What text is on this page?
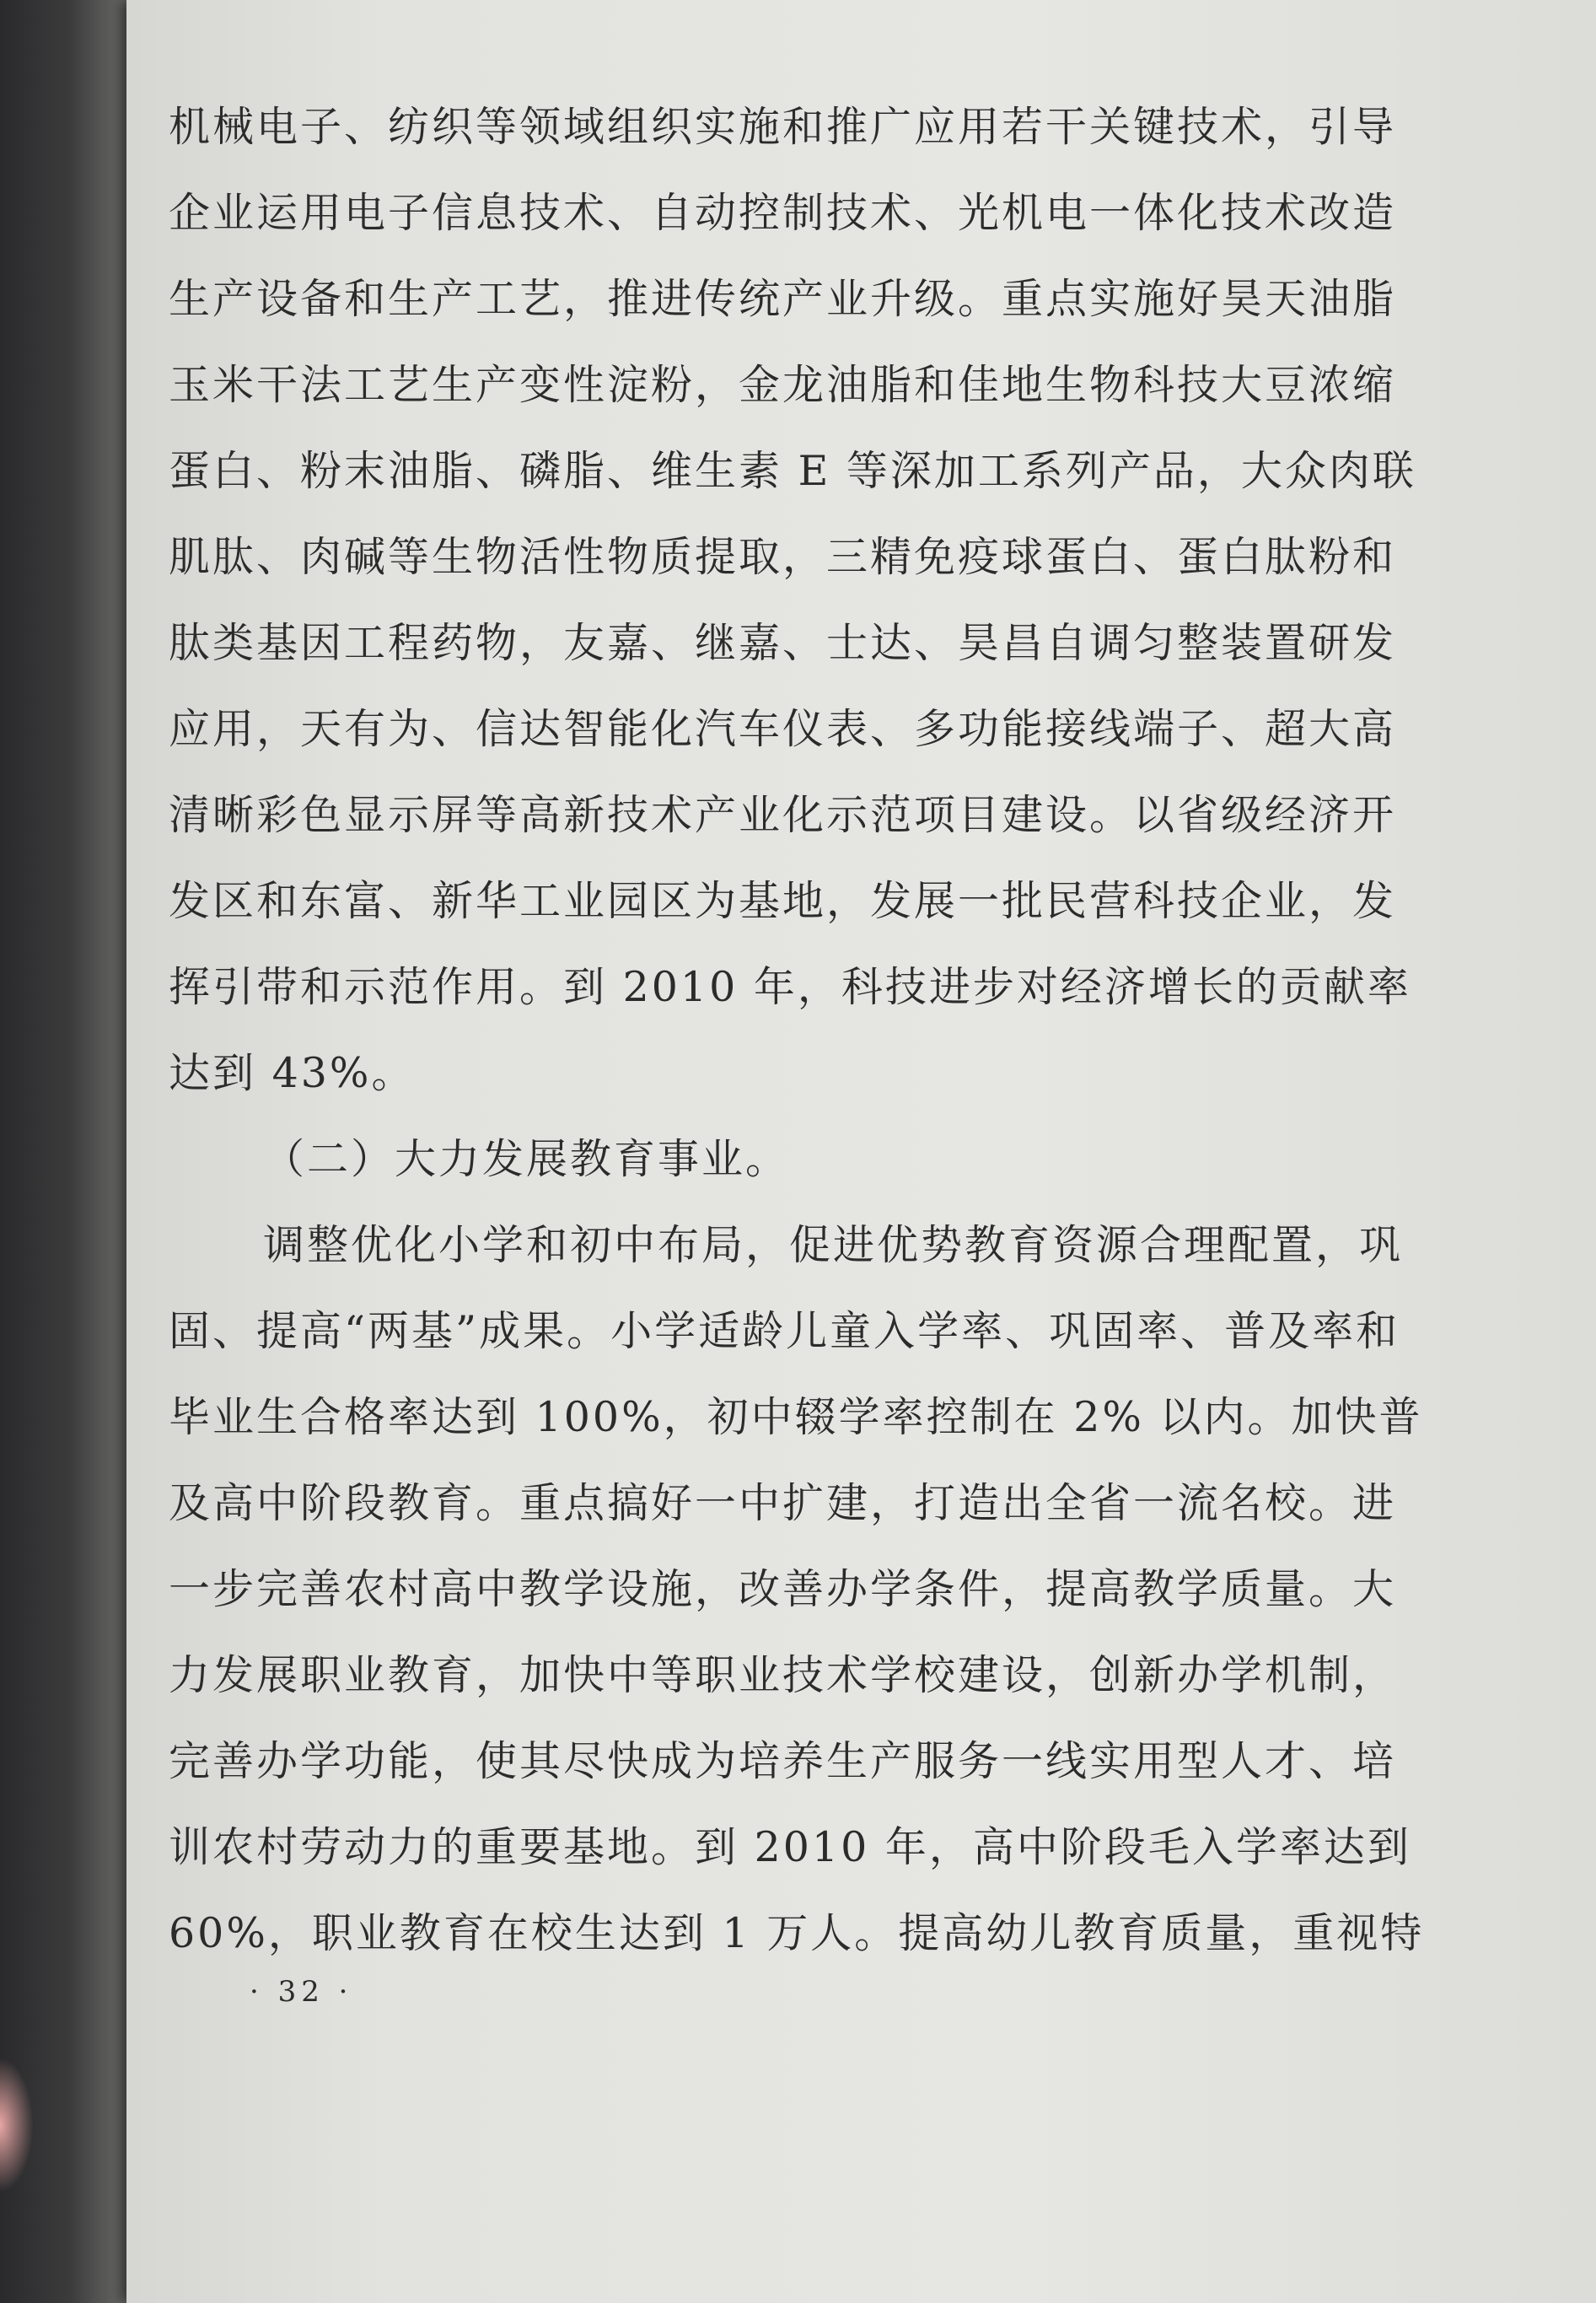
机械电子、纺织等领域组织实施和推广应用若干关键技术，引导
企业运用电子信息技术、自动控制技术、光机电一体化技术改造
生产设备和生产工艺，推进传统产业升级。重点实施好昊天油脂
玉米干法工艺生产变性淀粉，金龙油脂和佳地生物科技大豆浓缩
蛋白、粉末油脂、磷脂、维生素 E 等深加工系列产品，大众肉联
肌肽、肉碱等生物活性物质提取，三精免疫球蛋白、蛋白肽粉和
肽类基因工程药物，友嘉、继嘉、士达、昊昌自调匀整装置研发
应用，天有为、信达智能化汽车仪表、多功能接线端子、超大高
清晰彩色显示屏等高新技术产业化示范项目建设。以省级经济开
发区和东富、新华工业园区为基地，发展一批民营科技企业，发
挥引带和示范作用。到 2010 年，科技进步对经济增长的贡献率
达到 43%。
（二）大力发展教育事业。
调整优化小学和初中布局，促进优势教育资源合理配置，巩
固、提高“两基”成果。小学适龄儿童入学率、巩固率、普及率和
毕业生合格率达到 100%，初中辍学率控制在 2% 以内。加快普
及高中阶段教育。重点搞好一中扩建，打造出全省一流名校。进
一步完善农村高中教学设施，改善办学条件，提高教学质量。大
力发展职业教育，加快中等职业技术学校建设，创新办学机制，
完善办学功能，使其尽快成为培养生产服务一线实用型人才、培
训农村劳动力的重要基地。到 2010 年，高中阶段毛入学率达到
60%，职业教育在校生达到 1 万人。提高幼儿教育质量，重视特
· 32 ·
